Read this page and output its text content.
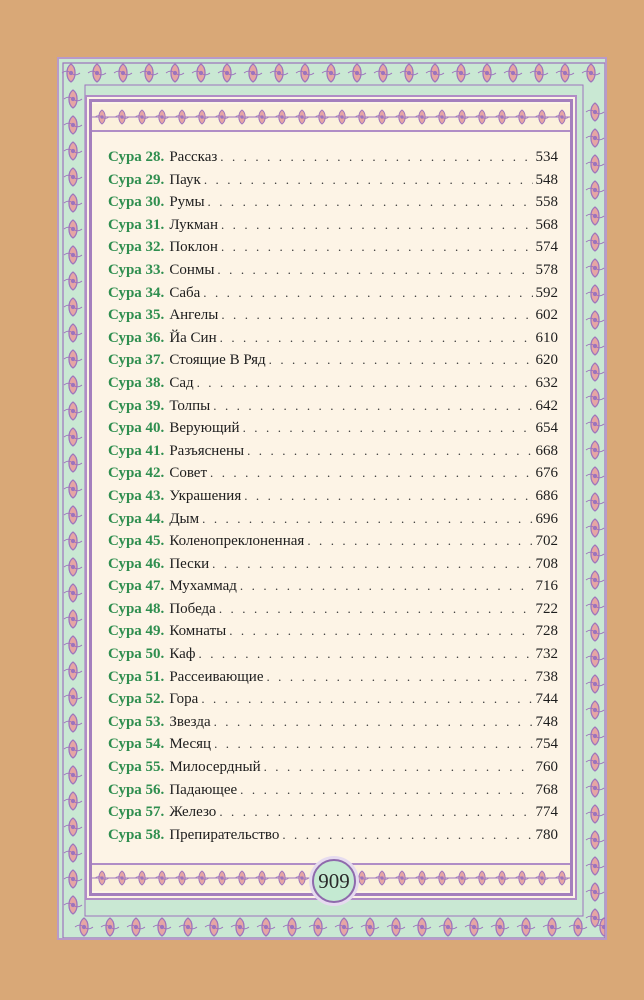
Сура 28. Рассказ . . .	534
Сура 29. Паук . . .	548
Сура 30. Румы . . .	558
Сура 31. Лукман . . .	568
Сура 32. Поклон . . .	574
Сура 33. Сонмы . . .	578
Сура 34. Саба . . .	592
Сура 35. Ангелы . . .	602
Сура 36. Йа Син . . .	610
Сура 37. Стоящие В Ряд . . .	620
Сура 38. Сад . . .	632
Сура 39. Толпы . . .	642
Сура 40. Верующий . . .	654
Сура 41. Разъяснены . . .	668
Сура 42. Совет . . .	676
Сура 43. Украшения . . .	686
Сура 44. Дым . . .	696
Сура 45. Коленопреклоненная . . .	702
Сура 46. Пески . . .	708
Сура 47. Мухаммад . . .	716
Сура 48. Победа . . .	722
Сура 49. Комнаты . . .	728
Сура 50. Каф . . .	732
Сура 51. Рассеивающие . . .	738
Сура 52. Гора . . .	744
Сура 53. Звезда . . .	748
Сура 54. Месяц . . .	754
Сура 55. Милосердный . . .	760
Сура 56. Падающее . . .	768
Сура 57. Железо . . .	774
Сура 58. Препирательство . . .	780
909
